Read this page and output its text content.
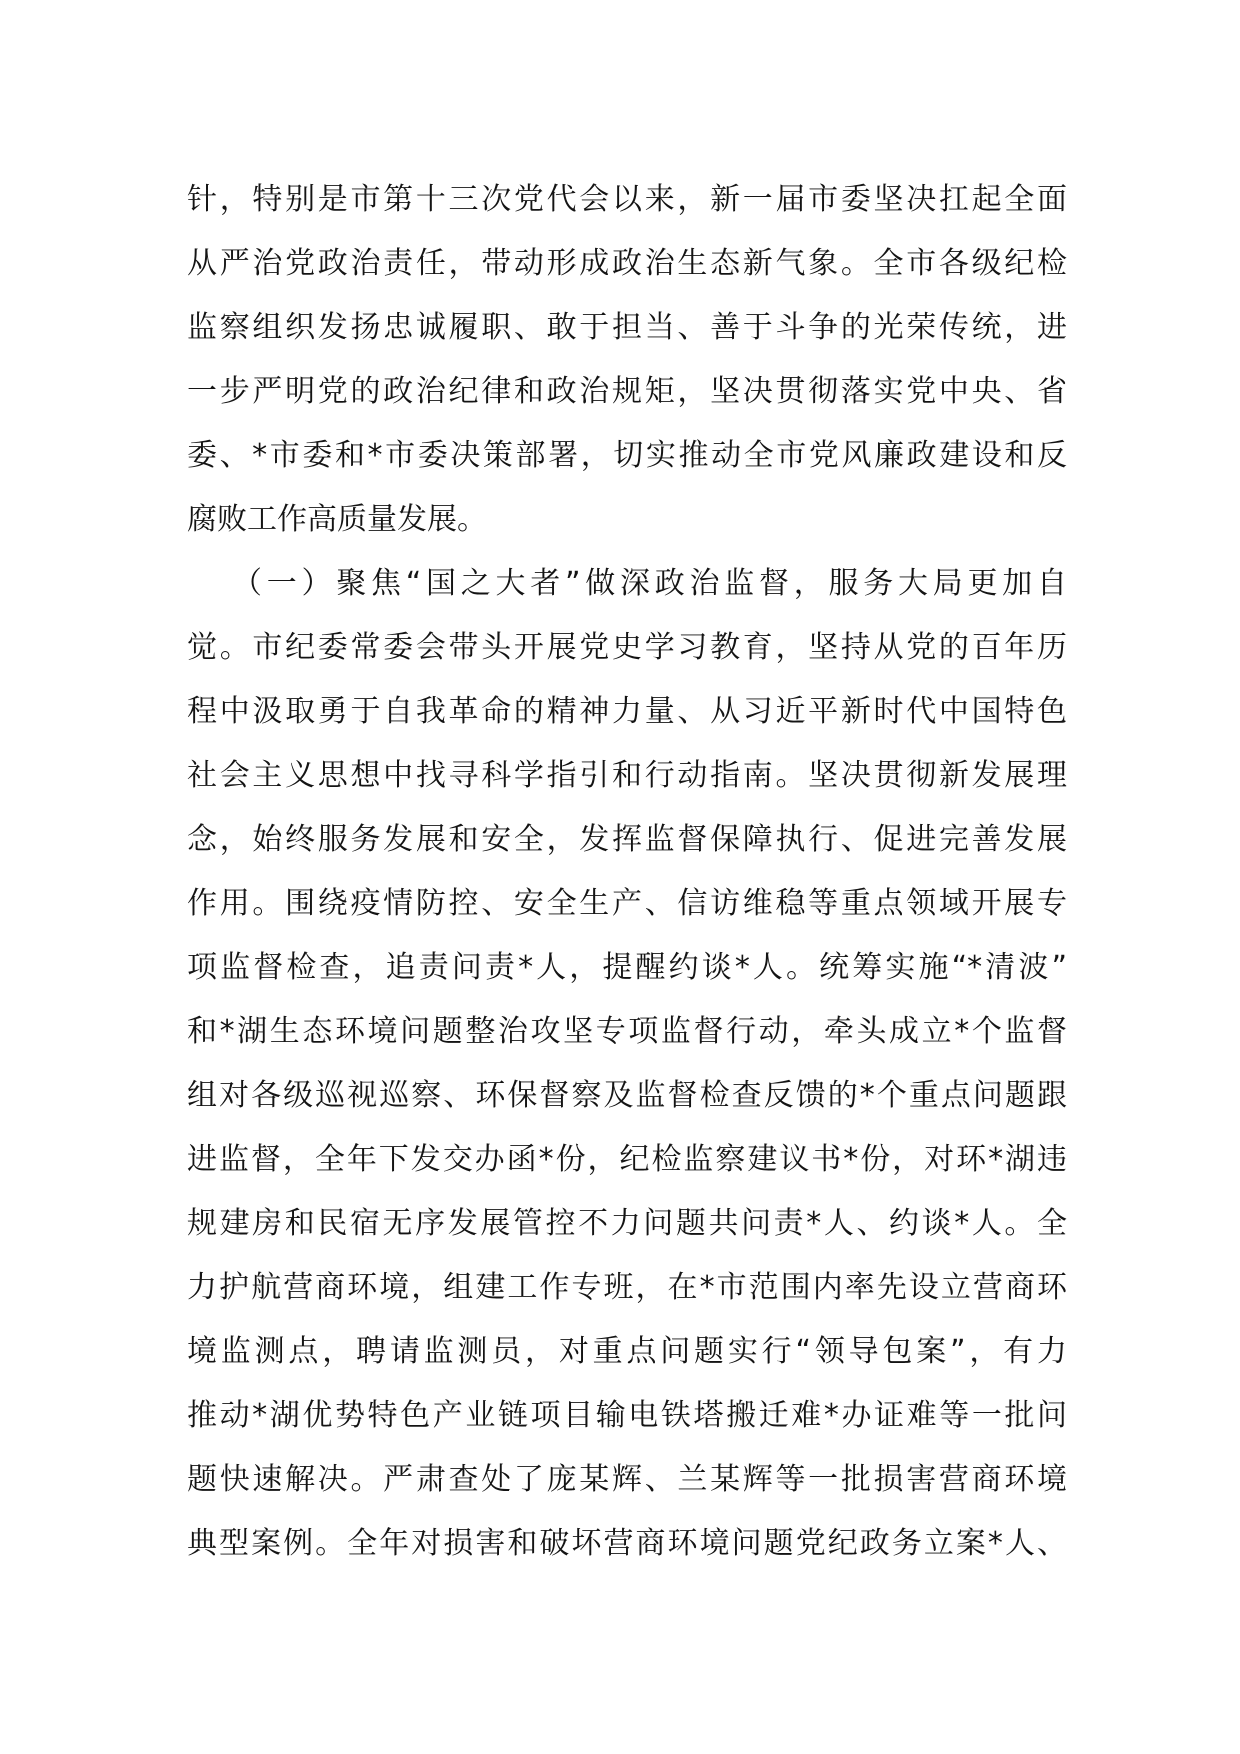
针，特别是市第十三次党代会以来，新一届市委坚决扛起全面
从严治党政治责任，带动形成政治生态新气象。全市各级纪检
监察组织发扬忠诚履职、敢于担当、善于斗争的光荣传统，进
一步严明党的政治纪律和政治规矩，坚决贯彻落实党中央、省
委、*市委和*市委决策部署，切实推动全市党风廉政建设和反
腐败工作高质量发展。
（一）聚焦“国之大者”做深政治监督，服务大局更加自
觉。市纪委常委会带头开展党史学习教育，坚持从党的百年历
程中汲取勇于自我革命的精神力量、从习近平新时代中国特色
社会主义思想中找寻科学指引和行动指南。坚决贯彻新发展理
念，始终服务发展和安全，发挥监督保障执行、促进完善发展
作用。围绕疫情防控、安全生产、信访维稳等重点领域开展专
项监督检查，追责问责*人，提醒约谈*人。统筹实施“*清波”
和*湖生态环境问题整治攻坚专项监督行动，牵头成立*个监督
组对各级巡视巡察、环保督察及监督检查反馈的*个重点问题跟
进监督，全年下发交办函*份，纪检监察建议书*份，对环*湖违
规建房和民宿无序发展管控不力问题共问责*人、约谈*人。全
力护航营商环境，组建工作专班，在*市范围内率先设立营商环
境监测点，聘请监测员，对重点问题实行“领导包案”，有力
推动*湖优势特色产业链项目输电铁塔搬迁难*办证难等一批问
题快速解决。严肃查处了庞某辉、兰某辉等一批损害营商环境
典型案例。全年对损害和破坏营商环境问题党纪政务立案*人、
